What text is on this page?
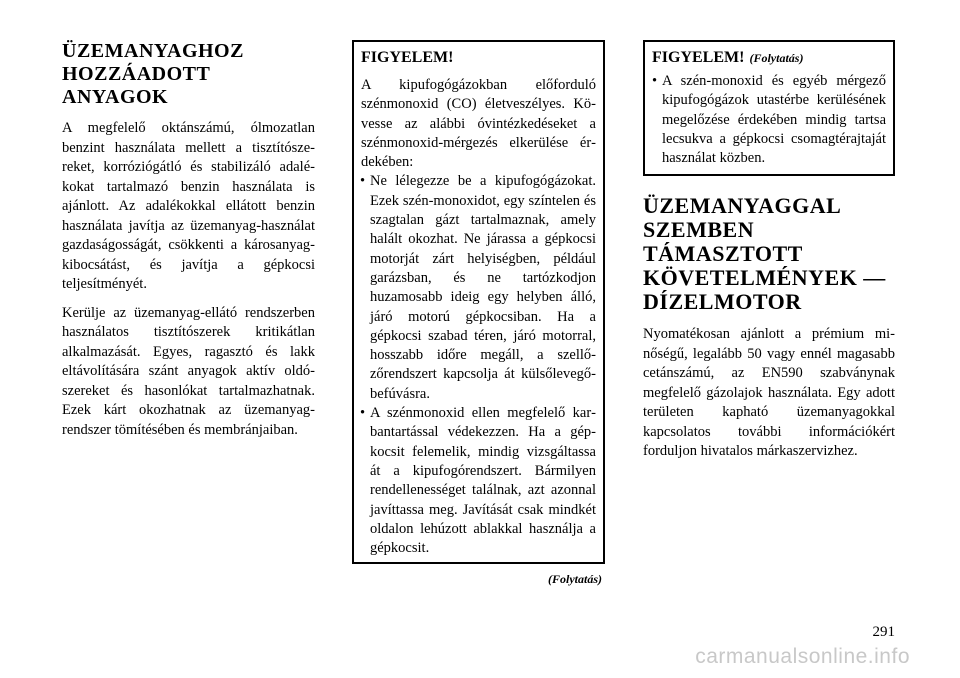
ÜZEMANYAGHOZ
HOZZÁADOTT
ANYAGOK

A megfelelő oktánszámú, ólmozatlan benzint használata mellett a tisztítószereket, korróziógátló és stabilizáló adalékokat tartalmazó benzin használata is ajánlott. Az adalékokkal ellátott benzin használata javítja az üzemanyag-használat gazdaságosságát, csökkenti a károsanyag-kibocsátást, és javítja a gépkocsi teljesítményét.

Kerülje az üzemanyag-ellátó rendszerben használatos tisztítószerek kritikátlan alkalmazását. Egyes, ragasztó és lakk eltávolítására szánt anyagok aktív oldószereket és hasonlókat tartalmazhatnak. Ezek kárt okozhatnak az üzemanyag-rendszer tömítésében és membránjaiban.

FIGYELEM!

A kipufogógázokban előforduló szénmonoxid (CO) életveszélyes. Kövesse az alábbi óvintézkedéseket a szénmonoxid-mérgezés elkerülése érdekében:

• Ne lélegezze be a kipufogógázokat. Ezek szén-monoxidot, egy színtelen és szagtalan gázt tartalmaznak, amely halált okozhat. Ne járassa a gépkocsi motorját zárt helyiségben, például garázsban, és ne tartózkodjon huzamosabb ideig egy helyben álló, járó motorú gépkocsiban. Ha a gépkocsi szabad téren, járó motorral, hosszabb időre megáll, a szellőzőrendszert kapcsolja át külsőlevegő-befúvásra.
• A szénmonoxid ellen megfelelő karbantartással védekezzen. Ha a gépkocsit felemelik, mindig vizsgáltassa át a kipufogórendszert. Bármilyen rendellenességet találnak, azt azonnal javíttassa meg. Javítását csak mindkét oldalon lehúzott ablakkal használja a gépkocsit.
(Folytatás)
FIGYELEM! (Folytatás)
• A szén-monoxid és egyéb mérgező kipufogógázok utastérbe kerülésének megelőzése érdekében mindig tartsa lecsukva a gépkocsi csomagtérajtaját használat közben.
ÜZEMANYAGGAL
SZEMBEN
TÁMASZTOTT
KÖVETELMÉNYEK —
DÍZELMOTOR

Nyomatékosan ajánlott a prémium minőségű, legalább 50 vagy ennél magasabb cetánszámú, az EN590 szabványnak megfelelő gázolajok használata. Egy adott területen kapható üzemanyagokkal kapcsolatos további információkért forduljon hivatalos márkaszervizhez.

291
carmanualsonline.info
